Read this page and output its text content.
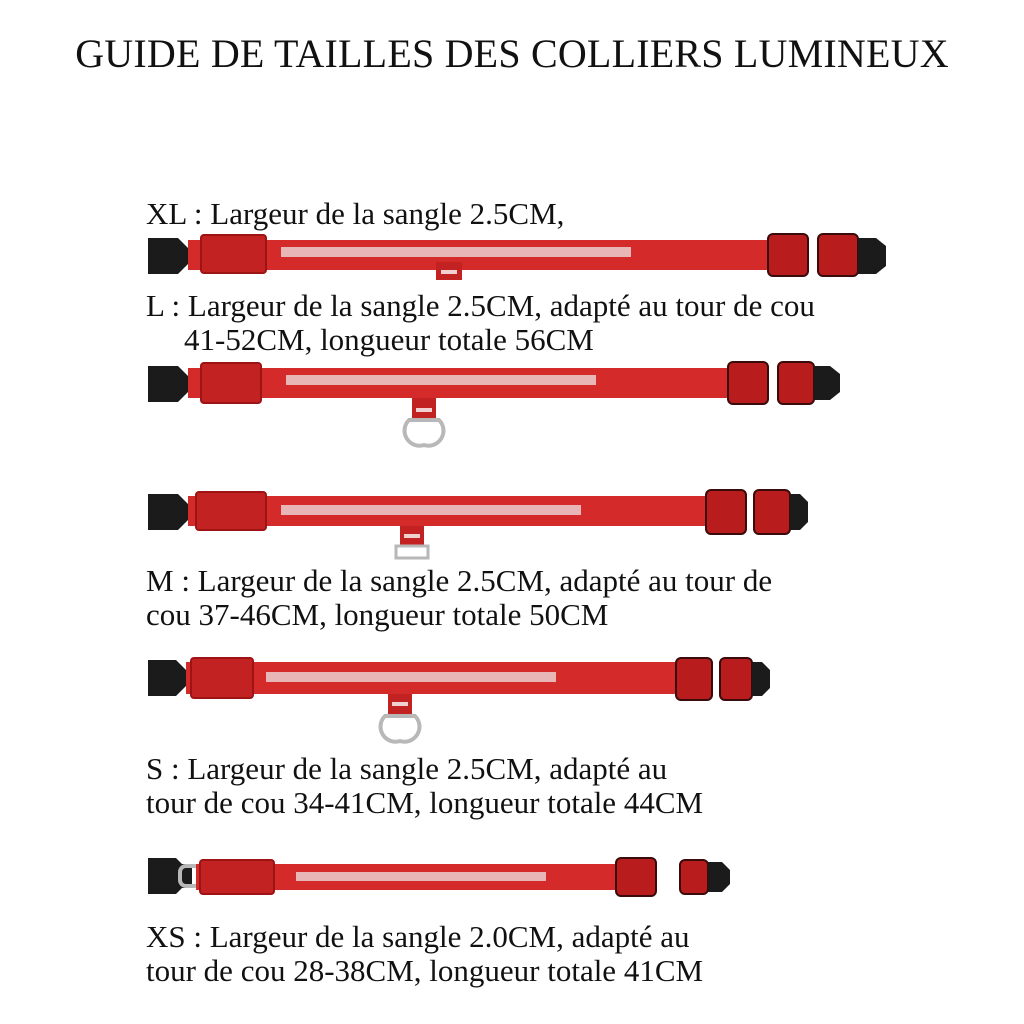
GUIDE DE TAILLES DES COLLIERS LUMINEUX
XL : Largeur de la sangle 2.5CM,
L : Largeur de la sangle 2.5CM, adapté au tour de cou
41-52CM, longueur totale 56CM
M : Largeur de la sangle 2.5CM, adapté au tour de
cou 37-46CM, longueur totale 50CM
S : Largeur de la sangle 2.5CM, adapté au
tour de cou 34-41CM, longueur totale 44CM
XS : Largeur de la sangle 2.0CM, adapté au
tour de cou 28-38CM, longueur totale 41CM
